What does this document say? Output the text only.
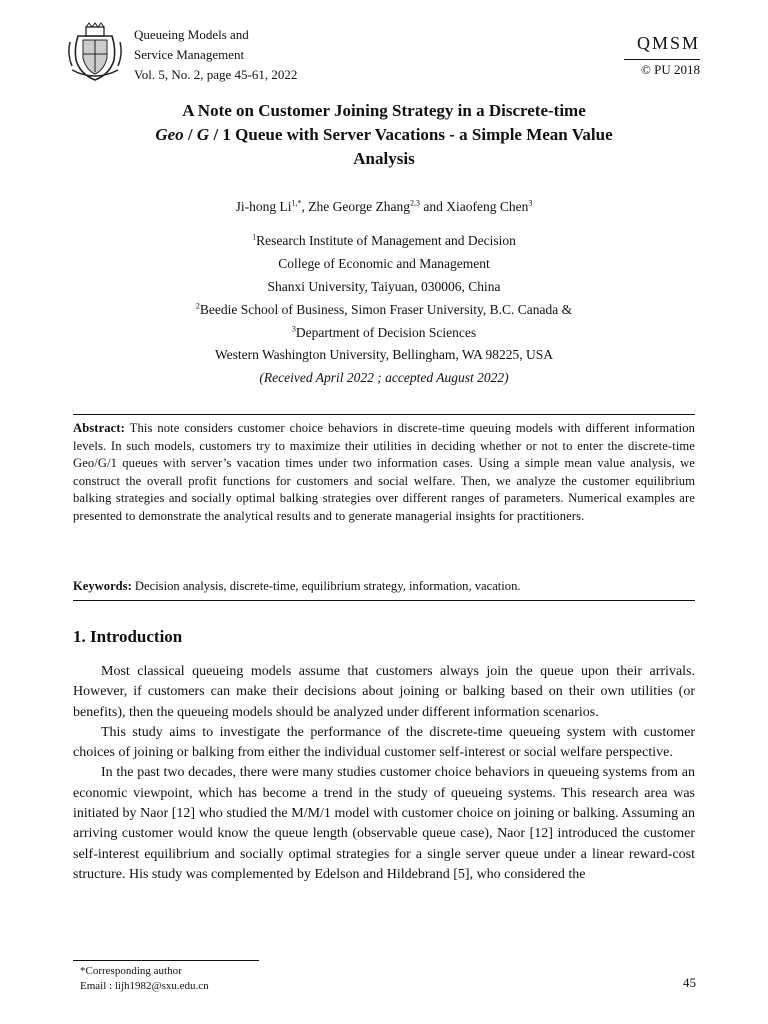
Queueing Models and
Service Management
Vol. 5, No. 2, page 45-61, 2022
QMSM
© PU 2018
A Note on Customer Joining Strategy in a Discrete-time
Geo / G / 1 Queue with Server Vacations - a Simple Mean Value
Analysis
Ji-hong $Li^{1,*}$, Zhe George Zhang$^{2,3}$ and Xiaofeng Chen$^3$
$^1$Research Institute of Management and Decision
College of Economic and Management
Shanxi University, Taiyuan, 030006, China
$^2$Beedie School of Business, Simon Fraser University, B.C. Canada &
$^3$Department of Decision Sciences
Western Washington University, Bellingham, WA 98225, USA
(Received April 2022 ; accepted August 2022)
Abstract: This note considers customer choice behaviors in discrete-time queuing models with different information levels. In such models, customers try to maximize their utilities in deciding whether or not to enter the discrete-time Geo/G/1 queues with server’s vacation times under two information cases. Using a simple mean value analysis, we construct the overall profit functions for customers and social welfare. Then, we analyze the customer equilibrium balking strategies and socially optimal balking strategies over different ranges of parameters. Numerical examples are presented to demonstrate the analytical results and to generate managerial insights for practitioners.
Keywords: Decision analysis, discrete-time, equilibrium strategy, information, vacation.
1. Introduction

Most classical queueing models assume that customers always join the queue upon their arrivals. However, if customers can make their decisions about joining or balking based on their own utilities (or benefits), then the queueing models should be analyzed under different information scenarios.

This study aims to investigate the performance of the discrete-time queueing system with customer choices of joining or balking from either the individual customer self-interest or social welfare perspective.

In the past two decades, there were many studies customer choice behaviors in queueing systems from an economic viewpoint, which has become a trend in the study of queueing systems. This research area was initiated by Naor [12] who studied the M/M/1 model with customer choice on joining or balking. Assuming an arriving customer would know the queue length (observable queue case), Naor [12] introduced the customer self-interest equilibrium and socially optimal strategies for a single server queue under a linear reward-cost structure. His study was complemented by Edelson and Hildebrand [5], who considered the

*Corresponding author
Email : lijh1982@sxu.edu.cn	45
